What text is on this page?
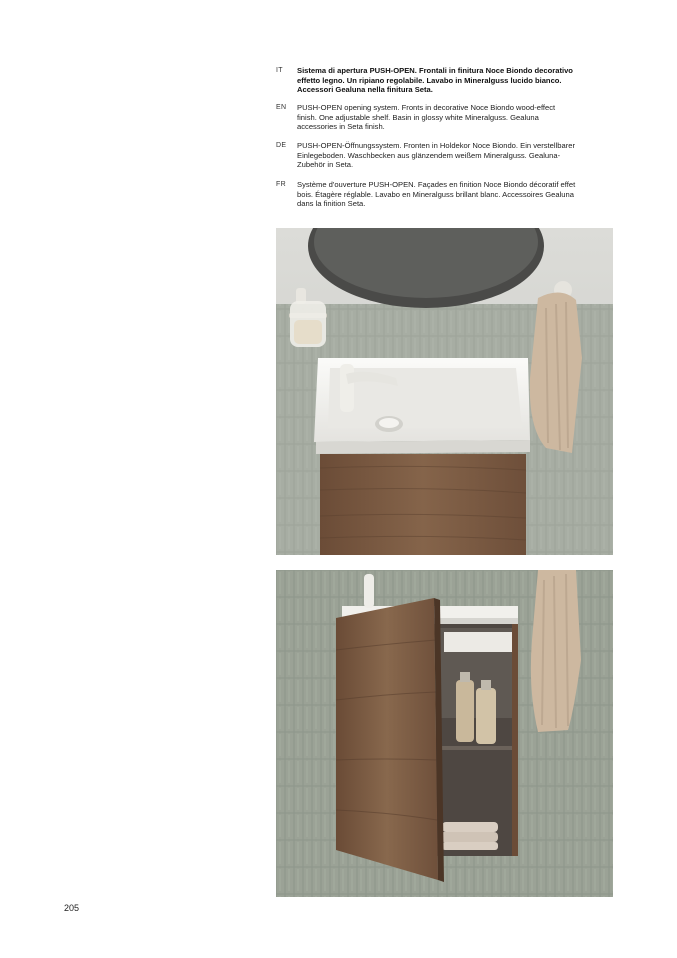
IT Sistema di apertura PUSH-OPEN. Frontali in finitura Noce Biondo decorativo effetto legno. Un ripiano regolabile. Lavabo in Mineralguss lucido bianco. Accessori Gealuna nella finitura Seta.
EN PUSH-OPEN opening system. Fronts in decorative Noce Biondo wood-effect finish. One adjustable shelf. Basin in glossy white Mineralguss. Gealuna accessories in Seta finish.
DE PUSH-OPEN-Öffnungssystem. Fronten in Holdekor Noce Biondo. Ein verstellbarer Einlegeboden. Waschbecken aus glänzendem weißem Mineralguss. Gealuna-Zubehör in Seta.
FR Système d'ouverture PUSH-OPEN. Façades en finition Noce Biondo décoratif effet bois. Étagère réglable. Lavabo en Mineralguss brillant blanc. Accessoires Gealuna dans la finition Seta.
205
